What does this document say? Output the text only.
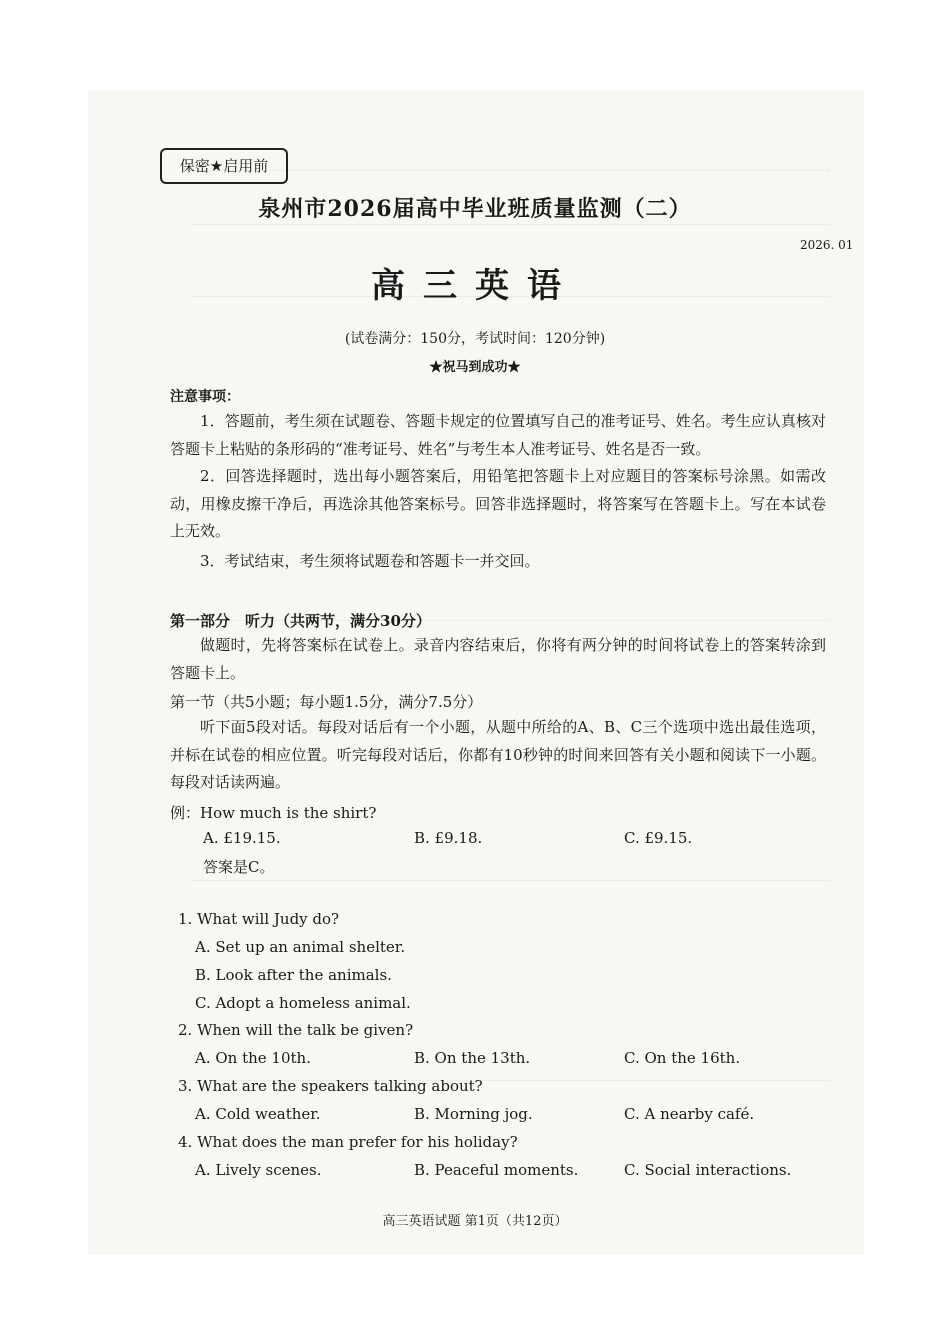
保密★启用前
泉州市2026届高中毕业班质量监测（二）
2026. 01
高三英语
(试卷满分：150分，考试时间：120分钟)
★祝马到成功★
注意事项：
1．答题前，考生须在试题卷、答题卡规定的位置填写自己的准考证号、姓名。考生应认真核对答题卡上粘贴的条形码的“准考证号、姓名”与考生本人准考证号、姓名是否一致。
2．回答选择题时，选出每小题答案后，用铅笔把答题卡上对应题目的答案标号涂黑。如需改动，用橡皮擦干净后，再选涂其他答案标号。回答非选择题时，将答案写在答题卡上。写在本试卷上无效。
3．考试结束，考生须将试题卷和答题卡一并交回。
第一部分　听力（共两节，满分30分）
做题时，先将答案标在试卷上。录音内容结束后，你将有两分钟的时间将试卷上的答案转涂到答题卡上。
第一节（共5小题；每小题1.5分，满分7.5分）
听下面5段对话。每段对话后有一个小题，从题中所给的A、B、C三个选项中选出最佳选项，并标在试卷的相应位置。听完每段对话后，你都有10秒钟的时间来回答有关小题和阅读下一小题。每段对话读两遍。
例：How much is the shirt?
A. £19.15.	B. £9.18.	C. £9.15.
答案是C。
1. What will Judy do?
A. Set up an animal shelter.
B. Look after the animals.
C. Adopt a homeless animal.
2. When will the talk be given?
A. On the 10th.	B. On the 13th.	C. On the 16th.
3. What are the speakers talking about?
A. Cold weather.	B. Morning jog.	C. A nearby café.
4. What does the man prefer for his holiday?
A. Lively scenes.	B. Peaceful moments.	C. Social interactions.
高三英语试题 第1页（共12页）
